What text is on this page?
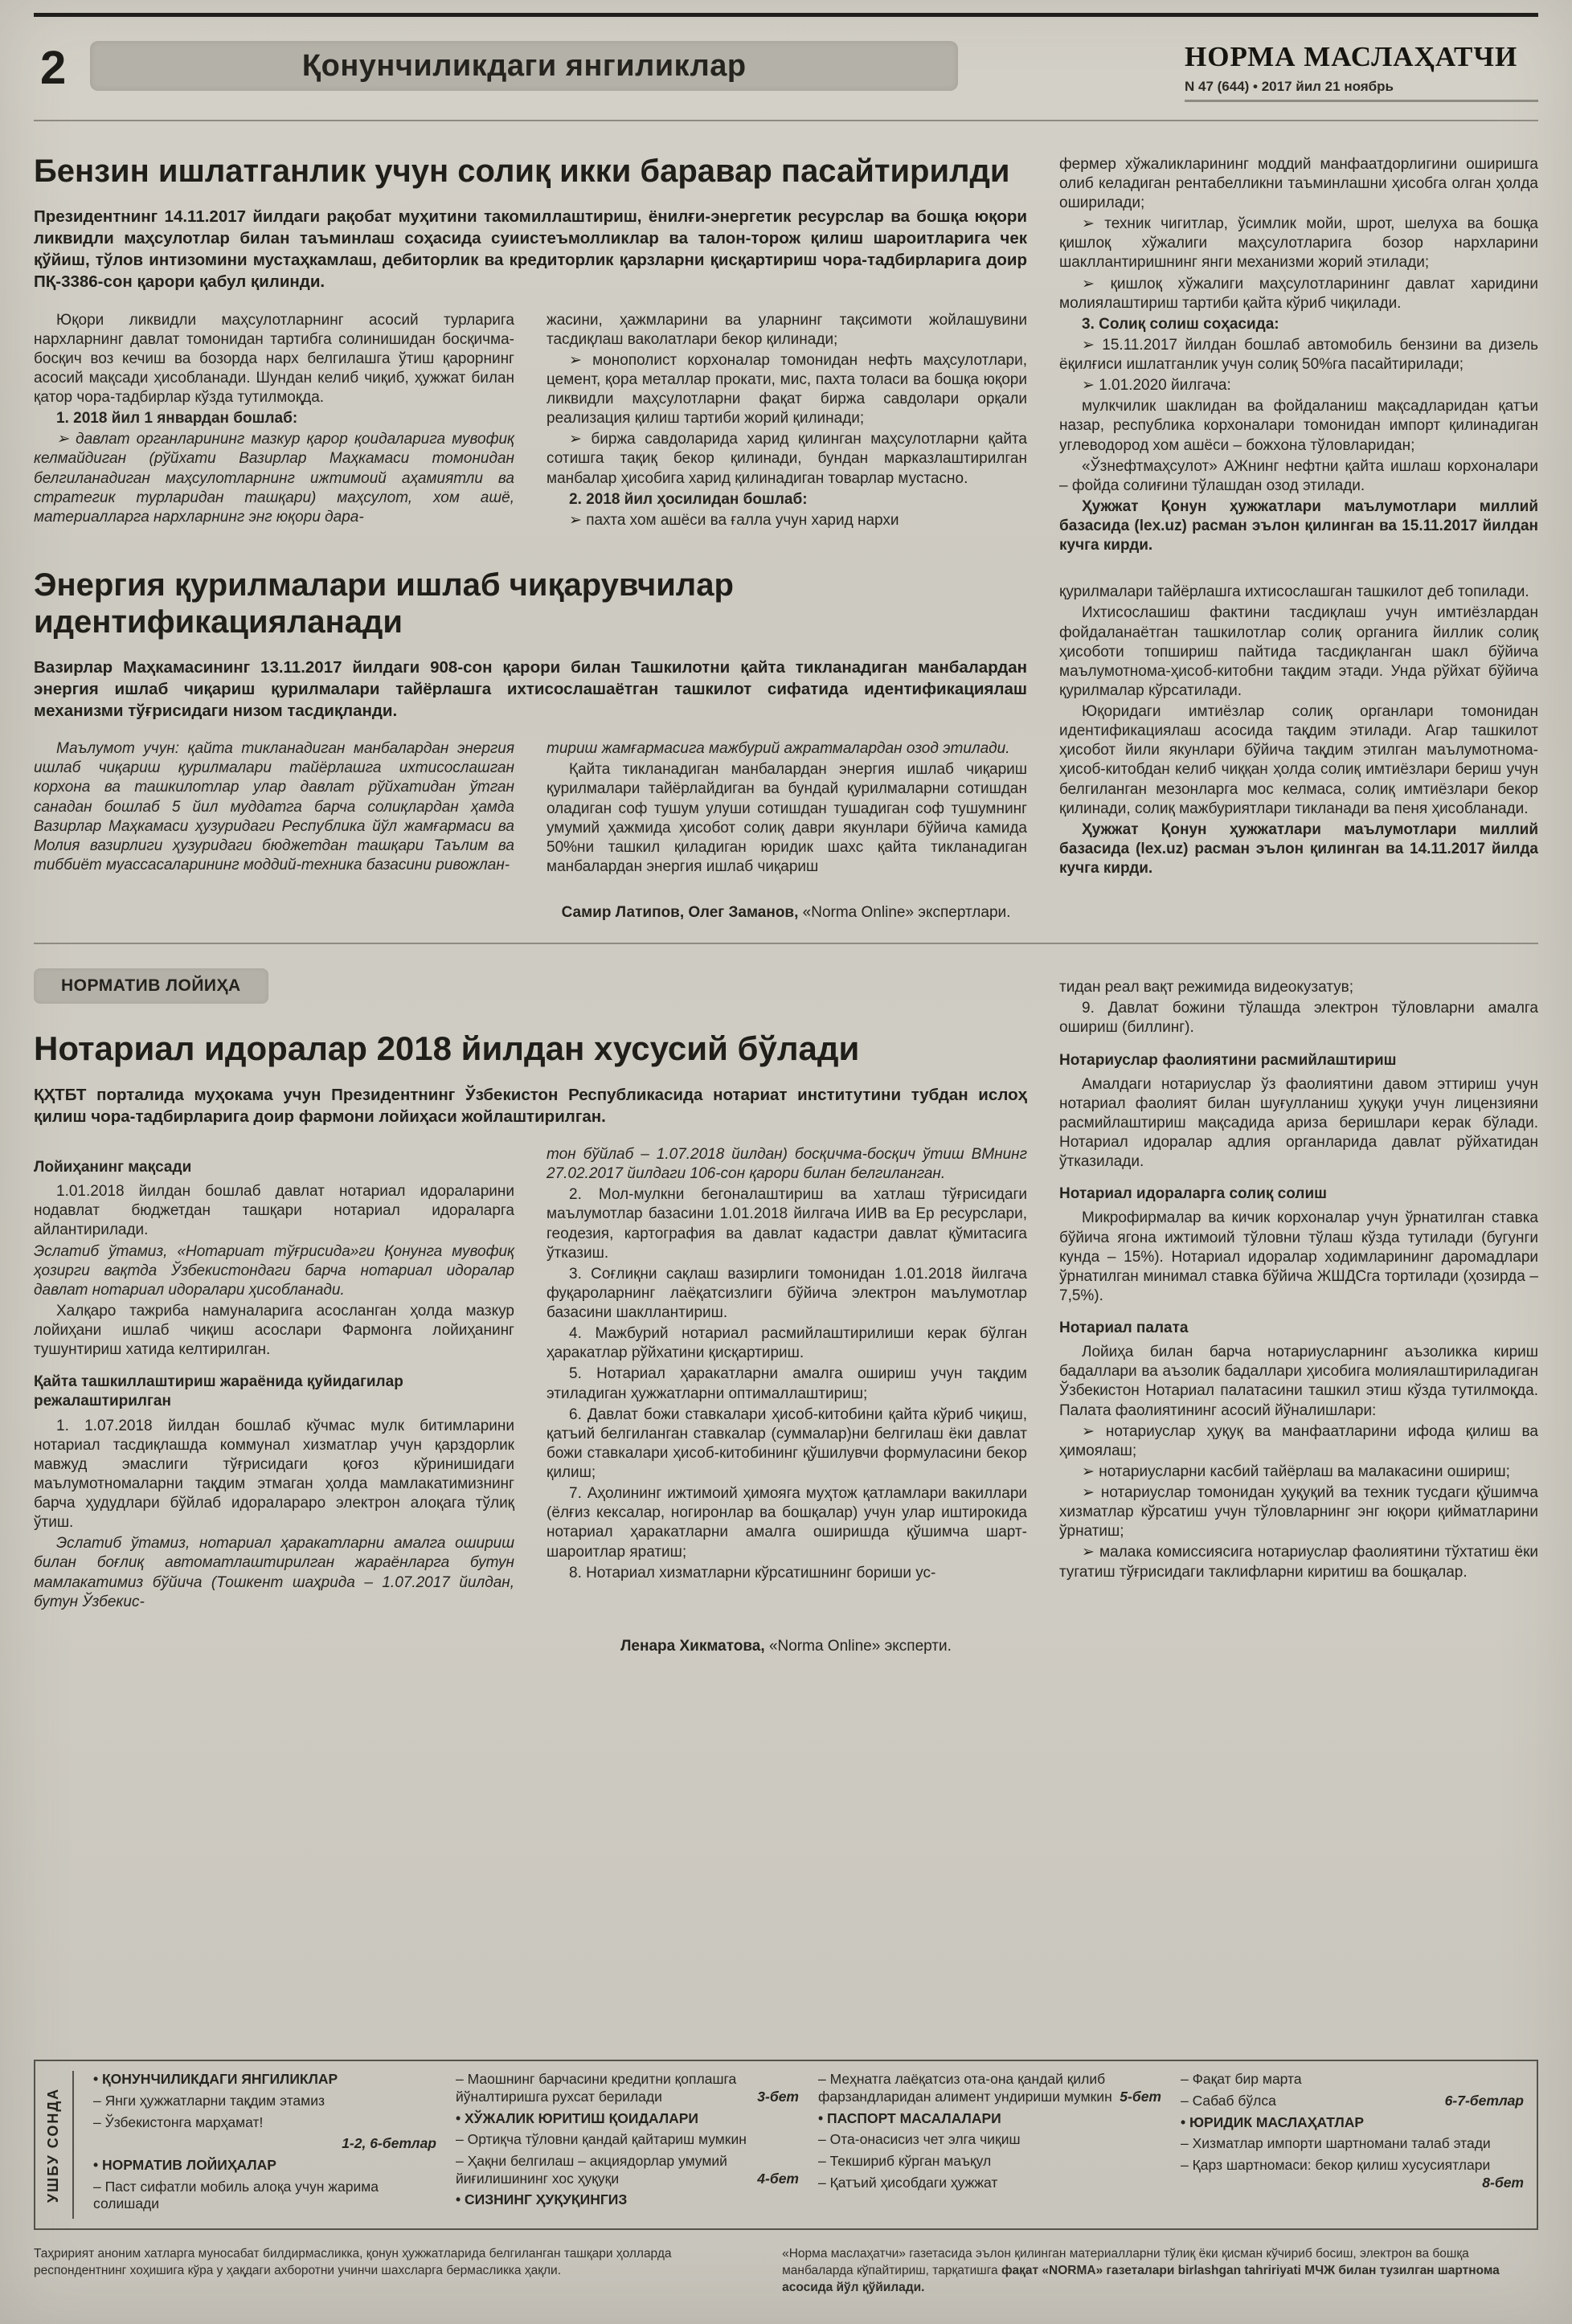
2	Қонунчиликдаги янгиликлар	НОРМА МАСЛАҲАТЧИ
N 47 (644) • 2017 йил 21 ноябрь
Бензин ишлатганлик учун солиқ икки баравар пасайтирилди

Президентнинг 14.11.2017 йилдаги рақобат муҳитини такомиллаштириш, ёнилғи-энергетик ресурслар ва бошқа юқори ликвидли маҳсулотлар билан таъминлаш соҳасида суиистеъмолликлар ва талон-торож қилиш шароитларига чек қўйиш, тўлов интизомини мустаҳкамлаш, дебиторлик ва кредиторлик қарзларни қисқартириш чора-тадбирларига доир ПҚ-3386-сон қарори қабул қилинди.

Юқори ликвидли маҳсулотларнинг асосий турларига нархларнинг давлат томонидан тартибга солинишидан босқичма-босқич воз кечиш ва бозорда нарх белгилашга ўтиш қарорнинг асосий мақсади ҳисобланади. Шундан келиб чиқиб, ҳужжат билан қатор чора-тадбирлар кўзда тутилмоқда.

1. 2018 йил 1 январдан бошлаб:

➢ давлат органларининг мазкур қарор қоидаларига мувофиқ келмайдиган (рўйхати Вазирлар Маҳкамаси томонидан белгиланадиган маҳсулотларнинг ижтимоий аҳамиятли ва стратегик турларидан ташқари) маҳсулот, хом ашё, материалларга нархларнинг энг юқори дара-

жасини, ҳажмларини ва уларнинг тақсимоти жойлашувини тасдиқлаш ваколатлари бекор қилинади;

➢ монополист корхоналар томонидан нефть маҳсулотлари, цемент, қора металлар прокати, мис, пахта толаси ва бошқа юқори ликвидли маҳсулотларни фақат биржа савдолари орқали реализация қилиш тартиби жорий қилинади;

➢ биржа савдоларида харид қилинган маҳсулотларни қайта сотишга тақиқ бекор қилинади, бундан марказлаштирилган манбалар ҳисобига харид қилинадиган товарлар мустасно.

2. 2018 йил ҳосилидан бошлаб:

➢ пахта хом ашёси ва ғалла учун харид нархи

Энергия қурилмалари ишлаб чиқарувчилар идентификацияланади

Вазирлар Маҳкамасининг 13.11.2017 йилдаги 908-сон қарори билан Ташкилотни қайта тикланадиган манбалардан энергия ишлаб чиқариш қурилмалари тайёрлашга ихтисослашаётган ташкилот сифатида идентификациялаш механизми тўғрисидаги низом тасдиқланди.

Маълумот учун: қайта тикланадиган манбалардан энергия ишлаб чиқариш қурилмалари тайёрлашга ихтисослашган корхона ва ташкилотлар улар давлат рўйхатидан ўтган санадан бошлаб 5 йил муддатга барча солиқлардан ҳамда Вазирлар Маҳкамаси ҳузуридаги Республика йўл жамғармаси ва Молия вазирлиги ҳузуридаги бюджетдан ташқари Таълим ва тиббиёт муассасаларининг моддий-техника базасини ривожлан-

тириш жамғармасига мажбурий ажратмалардан озод этилади.

Қайта тикланадиган манбалардан энергия ишлаб чиқариш қурилмалари тайёрлайдиган ва бундай қурилмаларни сотишдан оладиган соф тушум улуши сотишдан тушадиган соф тушумнинг умумий ҳажмида ҳисобот солиқ даври якунлари бўйича камида 50%ни ташкил қиладиган юридик шахс қайта тикланадиган манбалардан энергия ишлаб чиқариш

фермер хўжаликларининг моддий манфаатдорлигини оширишга олиб келадиган рентабелликни таъминлашни ҳисобга олган ҳолда оширилади;

➢ техник чигитлар, ўсимлик мойи, шрот, шелуха ва бошқа қишлоқ хўжалиги маҳсулотларига бозор нархларини шакллантиришнинг янги механизми жорий этилади;

➢ қишлоқ хўжалиги маҳсулотларининг давлат харидини молиялаштириш тартиби қайта кўриб чиқилади.

3. Солиқ солиш соҳасида:

➢ 15.11.2017 йилдан бошлаб автомобиль бензини ва дизель ёқилғиси ишлатганлик учун солиқ 50%га пасайтирилади;

➢ 1.01.2020 йилгача:

мулкчилик шаклидан ва фойдаланиш мақсадларидан қатъи назар, республика корхоналари томонидан импорт қилинадиган углеводород хом ашёси – божхона тўловларидан;

«Ўзнефтмаҳсулот» АЖнинг нефтни қайта ишлаш корхоналари – фойда солиғини тўлашдан озод этилади.

Ҳужжат Қонун ҳужжатлари маълумотлари миллий базасида (lex.uz) расман эълон қилинган ва 15.11.2017 йилдан кучга кирди.

қурилмалари тайёрлашга ихтисослашган ташкилот деб топилади.

Ихтисослашиш фактини тасдиқлаш учун имтиёзлардан фойдаланаётган ташкилотлар солиқ органига йиллик солиқ ҳисоботи топшириш пайтида тасдиқланган шакл бўйича маълумотнома-ҳисоб-китобни тақдим этади. Унда рўйхат бўйича қурилмалар кўрсатилади.

Юқоридаги имтиёзлар солиқ органлари томонидан идентификациялаш асосида тақдим этилади. Агар ташкилот ҳисобот йили якунлари бўйича тақдим этилган маълумотнома-ҳисоб-китобдан келиб чиққан ҳолда солиқ имтиёзлари бериш учун белгиланган мезонларга мос келмаса, солиқ имтиёзлари бекор қилинади, солиқ мажбуриятлари тикланади ва пеня ҳисобланади.

Ҳужжат Қонун ҳужжатлари маълумотлари миллий базасида (lex.uz) расман эълон қилинган ва 14.11.2017 йилда кучга кирди.

Самир Латипов, Олег Заманов, «Norma Online» экспертлари.

НОРМАТИВ ЛОЙИҲА
Нотариал идоралар 2018 йилдан хусусий бўлади

ҚҲТБТ порталида муҳокама учун Президентнинг Ўзбекистон Республикасида нотариат институтини тубдан ислоҳ қилиш чора-тадбирларига доир фармони лойиҳаси жойлаштирилган.

Лойиҳанинг мақсади

1.01.2018 йилдан бошлаб давлат нотариал идораларини нодавлат бюджетдан ташқари нотариал идораларга айлантирилади.

Эслатиб ўтамиз, «Нотариат тўғрисида»ги Қонунга мувофиқ ҳозирги вақтда Ўзбекистондаги барча нотариал идоралар давлат нотариал идоралари ҳисобланади.

Халқаро тажриба намуналарига асосланган ҳолда мазкур лойиҳани ишлаб чиқиш асослари Фармонга лойиҳанинг тушунтириш хатида келтирилган.

Қайта ташкиллаштириш жараёнида қуйидагилар режалаштирилган

1. 1.07.2018 йилдан бошлаб кўчмас мулк битимларини нотариал тасдиқлашда коммунал хизматлар учун қарздорлик мавжуд эмаслиги тўғрисидаги қоғоз кўринишидаги маълумотномаларни тақдим этмаган ҳолда мамлакатимизнинг барча ҳудудлари бўйлаб идоралараро электрон алоқага тўлиқ ўтиш.

Эслатиб ўтамиз, нотариал ҳаракатларни амалга ошириш билан боғлиқ автоматлаштирилган жараёнларга бутун мамлакатимиз бўйича (Тошкент шаҳрида – 1.07.2017 йилдан, бутун Ўзбекис-

тон бўйлаб – 1.07.2018 йилдан) босқичма-босқич ўтиш ВМнинг 27.02.2017 йилдаги 106-сон қарори билан белгиланган.

2. Мол-мулкни бегоналаштириш ва хатлаш тўғрисидаги маълумотлар базасини 1.01.2018 йилгача ИИВ ва Ер ресурслари, геодезия, картография ва давлат кадастри давлат қўмитасига ўтказиш.

3. Соғлиқни сақлаш вазирлиги томонидан 1.01.2018 йилгача фуқароларнинг лаёқатсизлиги бўйича электрон маълумотлар базасини шакллантириш.

4. Мажбурий нотариал расмийлаштирилиши керак бўлган ҳаракатлар рўйхатини қисқартириш.

5. Нотариал ҳаракатларни амалга ошириш учун тақдим этиладиган ҳужжатларни оптималлаштириш;

6. Давлат божи ставкалари ҳисоб-китобини қайта кўриб чиқиш, қатъий белгиланган ставкалар (суммалар)ни белгилаш ёки давлат божи ставкалари ҳисоб-китобининг қўшилувчи формуласини бекор қилиш;

7. Аҳолининг ижтимоий ҳимояга муҳтож қатламлари вакиллари (ёлғиз кексалар, ногиронлар ва бошқалар) учун улар иштирокида нотариал ҳаракатларни амалга оширишда қўшимча шарт-шароитлар яратиш;

8. Нотариал хизматларни кўрсатишнинг бориши ус-

тидан реал вақт режимида видеокузатув;

9. Давлат божини тўлашда электрон тўловларни амалга ошириш (биллинг).

Нотариуслар фаолиятини расмийлаштириш

Амалдаги нотариуслар ўз фаолиятини давом эттириш учун нотариал фаолият билан шуғулланиш ҳуқуқи учун лицензияни расмийлаштириш мақсадида ариза беришлари керак бўлади. Нотариал идоралар адлия органларида давлат рўйхатидан ўтказилади.

Нотариал идораларга солиқ солиш

Микрофирмалар ва кичик корхоналар учун ўрнатилган ставка бўйича ягона ижтимоий тўловни тўлаш кўзда тутилади (бугунги кунда – 15%). Нотариал идоралар ходимларининг даромадлари ўрнатилган минимал ставка бўйича ЖШДСга тортилади (ҳозирда – 7,5%).

Нотариал палата

Лойиҳа билан барча нотариусларнинг аъзоликка кириш бадаллари ва аъзолик бадаллари ҳисобига молиялаштириладиган Ўзбекистон Нотариал палатасини ташкил этиш кўзда тутилмоқда. Палата фаолиятининг асосий йўналишлари:

➢ нотариуслар ҳуқуқ ва манфаатларини ифода қилиш ва ҳимоялаш;

➢ нотариусларни касбий тайёрлаш ва малакасини ошириш;

➢ нотариуслар томонидан ҳуқуқий ва техник тусдаги қўшимча хизматлар кўрсатиш учун тўловларнинг энг юқори қийматларини ўрнатиш;

➢ малака комиссиясига нотариуслар фаолиятини тўхтатиш ёки тугатиш тўғрисидаги таклифларни киритиш ва бошқалар.

Ленара Хикматова, «Norma Online» эксперти.

УШБУ СОНДА

• ҚОНУНЧИЛИКДАГИ ЯНГИЛИКЛАР

– Янги ҳужжатларни тақдим этамиз

– Ўзбекистонга марҳамат!

1-2, 6-бетлар

• НОРМАТИВ ЛОЙИҲАЛАР

– Паст сифатли мобиль алоқа учун жарима солишади

– Маошнинг барчасини кредитни қоплашга йўналтиришга рухсат берилади	3-бет

• ХЎЖАЛИК ЮРИТИШ ҚОИДАЛАРИ

– Ортиқча тўловни қандай қайтариш мумкин

– Ҳақни белгилаш – акциядорлар умумий йиғилишининг хос ҳуқуқи	4-бет

• СИЗНИНГ ҲУҚУҚИНГИЗ

– Меҳнатга лаёқатсиз ота-она қандай қилиб фарзандларидан алимент ундириши мумкин 5-бет

• ПАСПОРТ МАСАЛАЛАРИ

– Ота-онасисиз чет элга чиқиш

– Текшириб кўрган маъқул

– Қатъий ҳисобдаги ҳужжат

– Фақат бир марта

– Сабаб бўлса	6-7-бетлар

• ЮРИДИК МАСЛАҲАТЛАР

– Хизматлар импорти шартномани талаб этади

– Қарз шартномаси: бекор қилиш хусусиятлари
8-бет

Таҳририят аноним хатларга муносабат билдирмасликка, қонун ҳужжатларида белгиланган ташқари ҳолларда респондентнинг хоҳишига кўра у ҳақдаги ахборотни учинчи шахсларга бермасликка ҳақли.

«Норма маслаҳатчи» газетасида эълон қилинган материалларни тўлиқ ёки қисман кўчириб босиш, электрон ва бошқа манбаларда кўпайтириш, тарқатишга фақат «NORMA» газеталари birlashgan tahririyati МЧЖ билан тузилган шартнома асосида йўл қўйилади.
